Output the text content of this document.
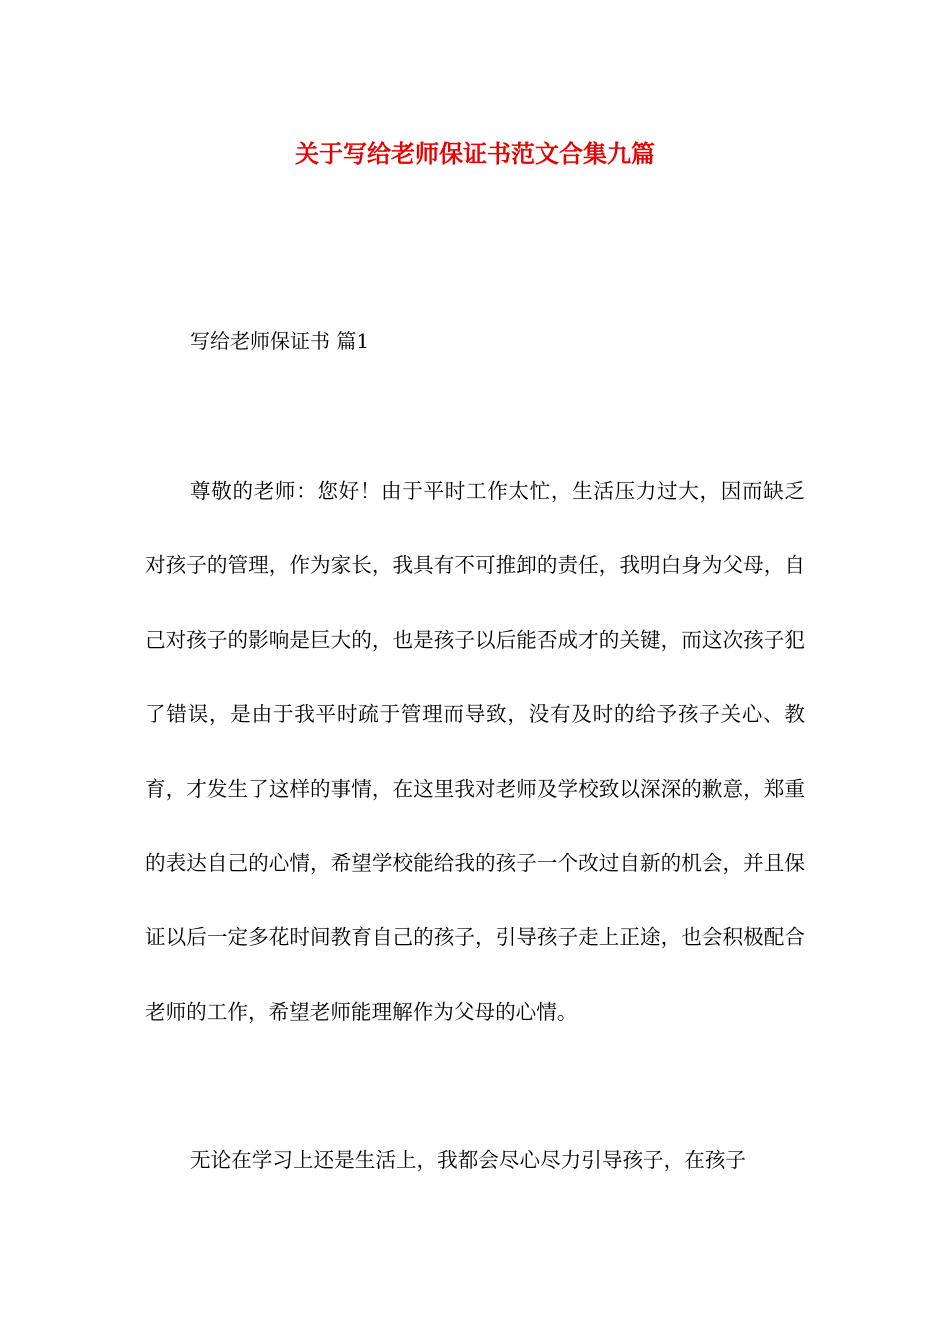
关于写给老师保证书范文合集九篇
写给老师保证书 篇1

尊敬的老师：您好！由于平时工作太忙，生活压力过大，因而缺乏对孩子的管理，作为家长，我具有不可推卸的责任，我明白身为父母，自己对孩子的影响是巨大的，也是孩子以后能否成才的关键，而这次孩子犯了错误，是由于我平时疏于管理而导致，没有及时的给予孩子关心、教育，才发生了这样的事情，在这里我对老师及学校致以深深的歉意，郑重的表达自己的心情，希望学校能给我的孩子一个改过自新的机会，并且保证以后一定多花时间教育自己的孩子，引导孩子走上正途，也会积极配合老师的工作，希望老师能理解作为父母的心情。

无论在学习上还是生活上，我都会尽心尽力引导孩子，在孩子
